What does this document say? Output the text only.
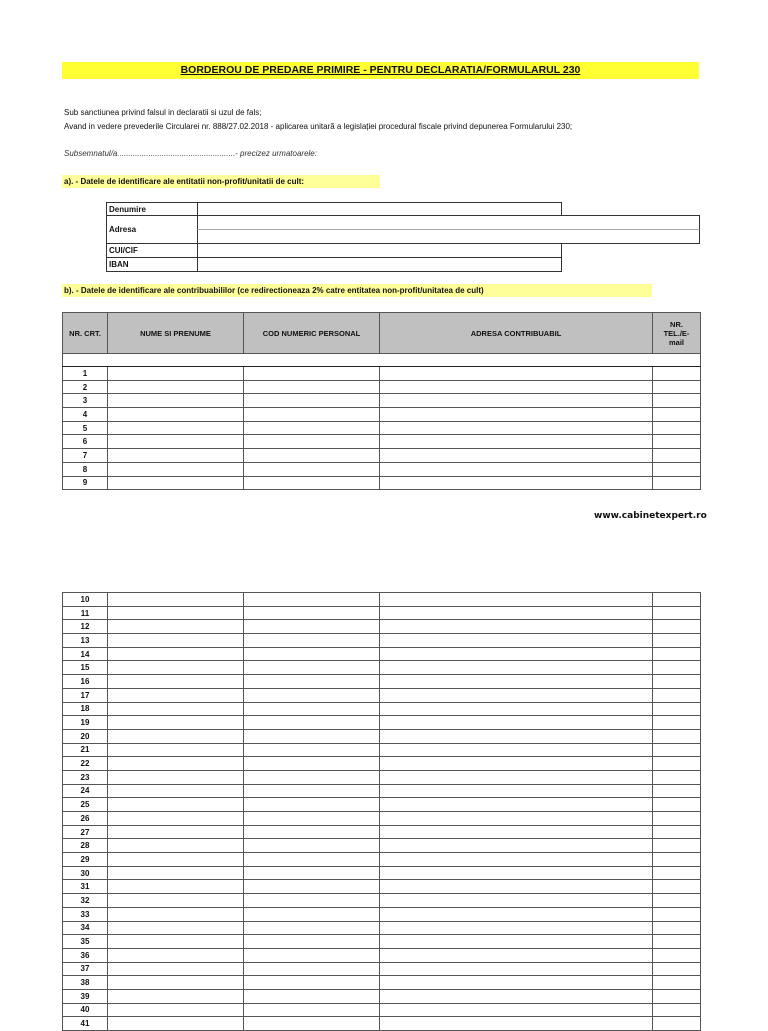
BORDEROU DE PREDARE PRIMIRE - PENTRU DECLARATIA/FORMULARUL 230
Sub sanctiunea privind falsul in declaratii si uzul de fals;
Avand in vedere prevederile Circularei nr. 888/27.02.2018 - aplicarea unitară a legislației procedural fiscale privind depunerea Formularului 230;
Subsemnatul/a.....................................................- precizez urmatoarele:
a). - Datele de identificare ale entitatii non-profit/unitatii de cult:
Denumire
Adresa
CUI/CIF
IBAN
b). - Datele de identificare ale contribuabililor (ce redirectioneaza 2% catre entitatea non-profit/unitatea de cult)
NR. CRT.	NUME SI PRENUME	COD NUMERIC PERSONAL	ADRESA CONTRIBUABIL	NR. TEL./E-mail

1				
2				
3				
4				
5				
6				
7				
8				
9				
www.cabinetexpert.ro
10				
11				
12				
13				
14				
15				
16				
17				
18				
19				
20				
21				
22				
23				
24				
25				
26				
27				
28				
29				
30				
31				
32				
33				
34				
35				
36				
37				
38				
39				
40				
41				
